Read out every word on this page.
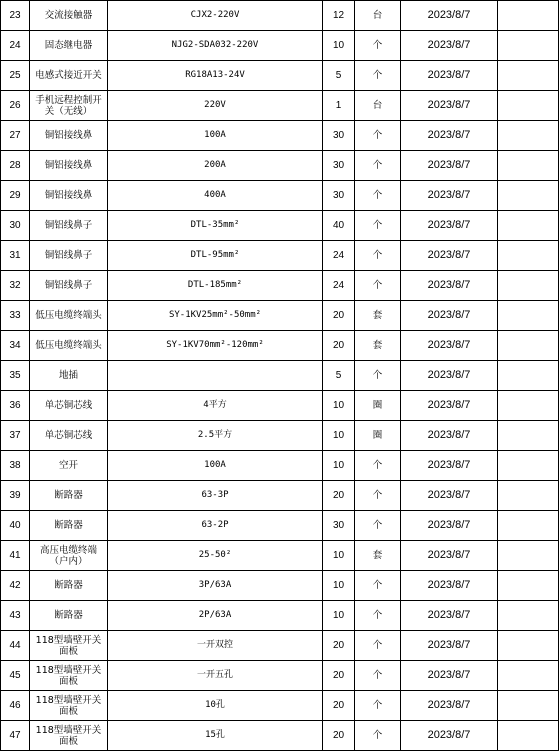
23	交流接触器	CJX2-220V	12	台	2023/8/7	
24	固态继电器	NJG2-SDA032-220V	10	个	2023/8/7	
25	电感式接近开关	RG18A13-24V	5	个	2023/8/7	
26	手机远程控制开关（无线）	220V	1	台	2023/8/7	
27	铜铝接线鼻	100A	30	个	2023/8/7	
28	铜铝接线鼻	200A	30	个	2023/8/7	
29	铜铝接线鼻	400A	30	个	2023/8/7	
30	铜铝线鼻子	DTL-35mm²	40	个	2023/8/7	
31	铜铝线鼻子	DTL-95mm²	24	个	2023/8/7	
32	铜铝线鼻子	DTL-185mm²	24	个	2023/8/7	
33	低压电缆终端头	SY-1KV25mm²-50mm²	20	套	2023/8/7	
34	低压电缆终端头	SY-1KV70mm²-120mm²	20	套	2023/8/7	
35	地插		5	个	2023/8/7	
36	单芯铜芯线	4平方	10	圈	2023/8/7	
37	单芯铜芯线	2.5平方	10	圈	2023/8/7	
38	空开	100A	10	个	2023/8/7	
39	断路器	63-3P	20	个	2023/8/7	
40	断路器	63-2P	30	个	2023/8/7	
41	高压电缆终端（户内）	25-50²	10	套	2023/8/7	
42	断路器	3P/63A	10	个	2023/8/7	
43	断路器	2P/63A	10	个	2023/8/7	
44	118型墙壁开关面板	一开双控	20	个	2023/8/7	
45	118型墙壁开关面板	一开五孔	20	个	2023/8/7	
46	118型墙壁开关面板	10孔	20	个	2023/8/7	
47	118型墙壁开关面板	15孔	20	个	2023/8/7	
